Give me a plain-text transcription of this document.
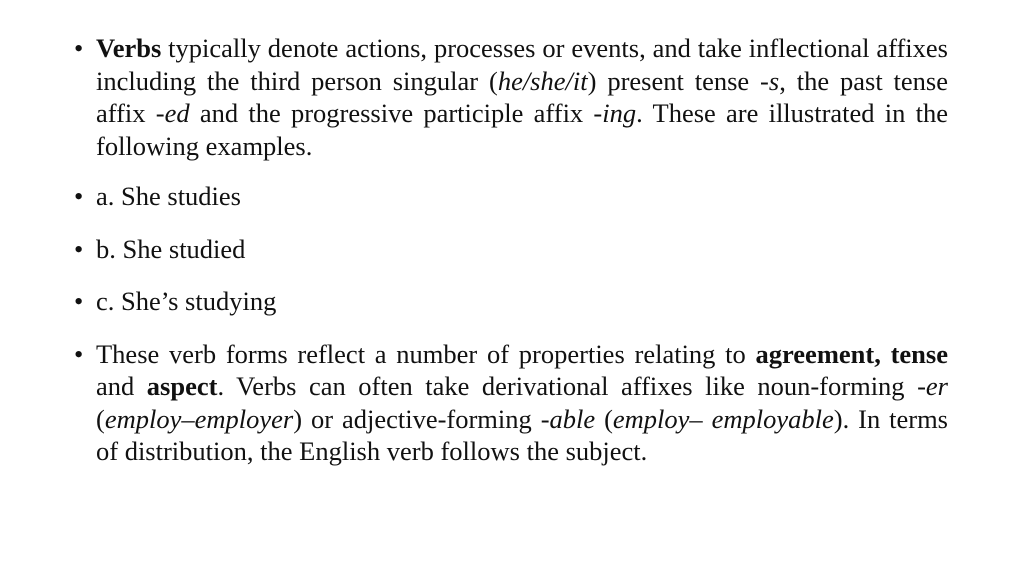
• Verbs typically denote actions, processes or events, and take inflectional affixes including the third person singular (he/she/it) present tense -s, the past tense affix -ed and the progressive participle affix -ing. These are illustrated in the following examples.
• a. She studies
• b. She studied
• c. She’s studying
• These verb forms reflect a number of properties relating to agreement, tense and aspect. Verbs can often take derivational affixes like noun-forming -er (employ–employer) or adjective-forming -able (employ– employable). In terms of distribution, the English verb follows the subject.
